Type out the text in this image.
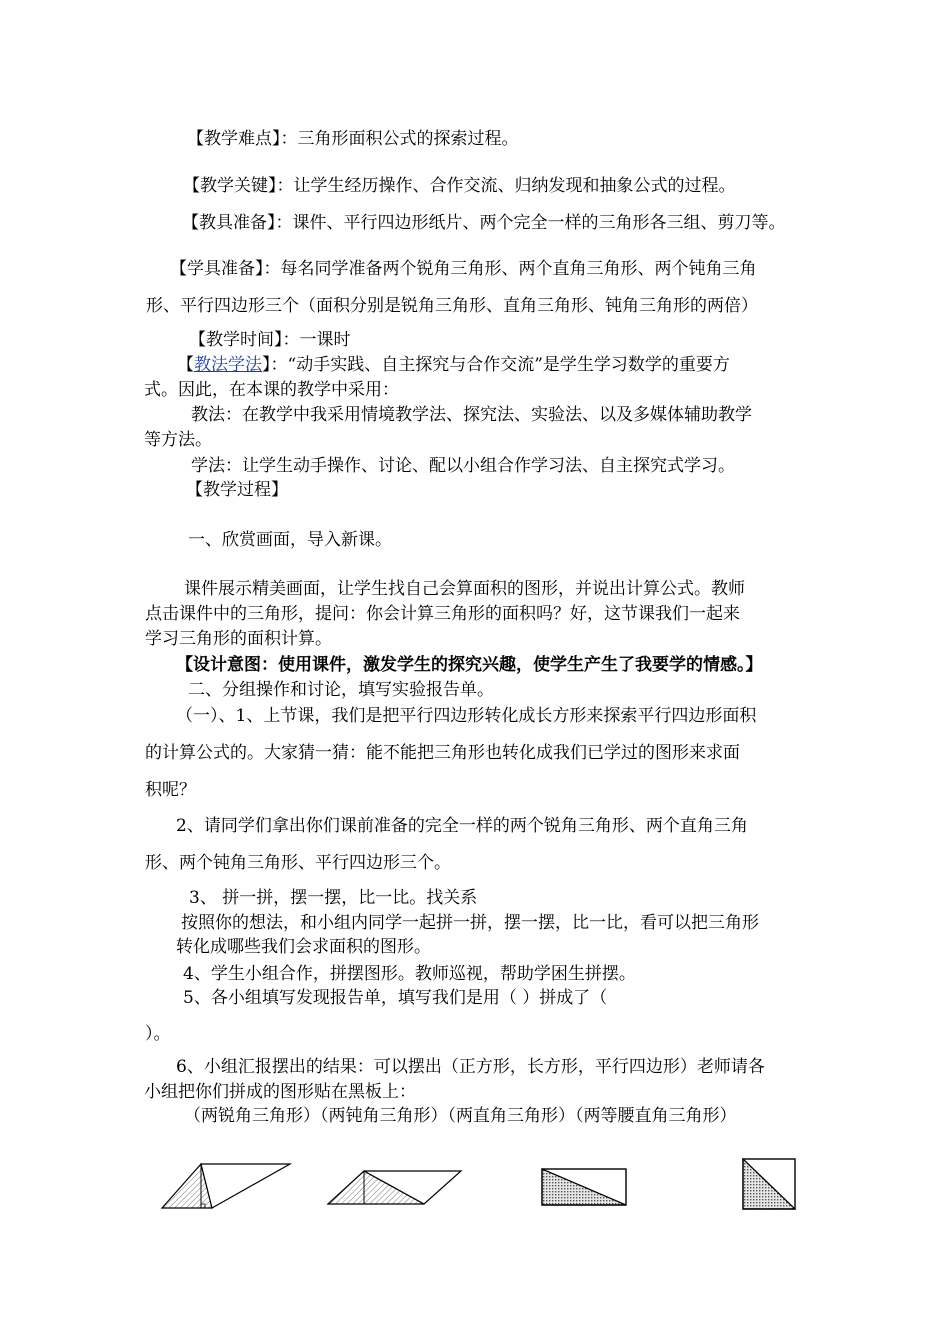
【教学难点】：三角形面积公式的探索过程。
【教学关键】：让学生经历操作、合作交流、归纳发现和抽象公式的过程。
【教具准备】：课件、平行四边形纸片、两个完全一样的三角形各三组、剪刀等。
【学具准备】：每名同学准备两个锐角三角形、两个直角三角形、两个钝角三角
形、平行四边形三个（面积分别是锐角三角形、直角三角形、钝角三角形的两倍）
【教学时间】：一课时
【教法学法】：“动手实践、自主探究与合作交流”是学生学习数学的重要方
式。因此，在本课的教学中采用：
教法：在教学中我采用情境教学法、探究法、实验法、以及多媒体辅助教学
等方法。
学法：让学生动手操作、讨论、配以小组合作学习法、自主探究式学习。
【教学过程】
一、欣赏画面，导入新课。
课件展示精美画面，让学生找自己会算面积的图形，并说出计算公式。教师
点击课件中的三角形，提问：你会计算三角形的面积吗？好，这节课我们一起来
学习三角形的面积计算。
【设计意图：使用课件，激发学生的探究兴趣，使学生产生了我要学的情感。】
二、分组操作和讨论，填写实验报告单。
（一）、1、上节课，我们是把平行四边形转化成长方形来探索平行四边形面积
的计算公式的。大家猜一猜：能不能把三角形也转化成我们已学过的图形来求面
积呢？
2、请同学们拿出你们课前准备的完全一样的两个锐角三角形、两个直角三角
形、两个钝角三角形、平行四边形三个。
3、 拼一拼，摆一摆，比一比。找关系
按照你的想法，和小组内同学一起拼一拼，摆一摆，比一比，看可以把三角形
转化成哪些我们会求面积的图形。
4、学生小组合作，拼摆图形。教师巡视，帮助学困生拼摆。
5、各小组填写发现报告单，填写我们是用（ ）拼成了（
）。
6、小组汇报摆出的结果：可以摆出（正方形，长方形，平行四边形）老师请各
小组把你们拼成的图形贴在黑板上：
（两锐角三角形）（两钝角三角形）（两直角三角形）（两等腰直角三角形）
